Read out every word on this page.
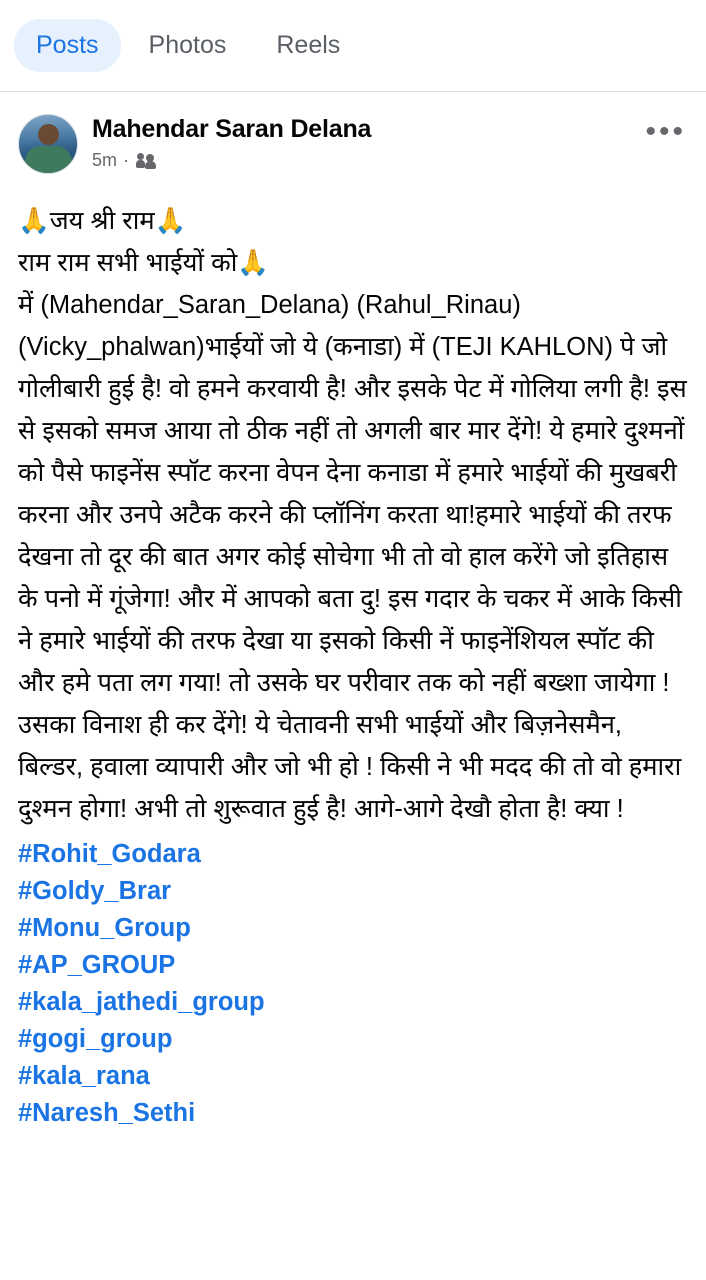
Posts	Photos	Reels
Mahendar Saran Delana
5m ·
•••

🙏जय श्री राम🙏

राम राम सभी भाईयों को🙏

में (Mahendar_Saran_Delana) (Rahul_Rinau) (Vicky_phalwan)भाईयों जो ये (कनाडा) में (TEJI KAHLON) पे जो गोलीबारी हुई है! वो हमने करवायी है! और इसके पेट में गोलिया लगी है! इस से इसको समज आया तो ठीक नहीं तो अगली बार मार देंगे! ये हमारे दुश्मनों को पैसे फाइनेंस स्पॉट करना वेपन देना कनाडा में हमारे भाईयों की मुखबरी करना और उनपे अटैक करने की प्लॉनिंग करता था!हमारे भाईयों की तरफ देखना तो दूर की बात अगर कोई सोचेगा भी तो वो हाल करेंगे जो इतिहास के पनो में गूंजेगा! और में आपको बता दु! इस गदार के चकर में आके किसी ने हमारे भाईयों की तरफ देखा या इसको किसी नें फाइनेंशियल स्पॉट की और हमे पता लग गया! तो उसके घर परीवार तक को नहीं बख्शा जायेगा ! उसका विनाश ही कर देंगे! ये चेतावनी सभी भाईयों और बिज़नेसमैन, बिल्डर, हवाला व्यापारी और जो भी हो ! किसी ने भी मदद की तो वो हमारा दुश्मन होगा! अभी तो शुरूवात हुई है! आगे-आगे देखौ होता है! क्या !

#Rohit_Godara
#Goldy_Brar
#Monu_Group
#AP_GROUP
#kala_jathedi_group
#gogi_group
#kala_rana
#Naresh_Sethi
